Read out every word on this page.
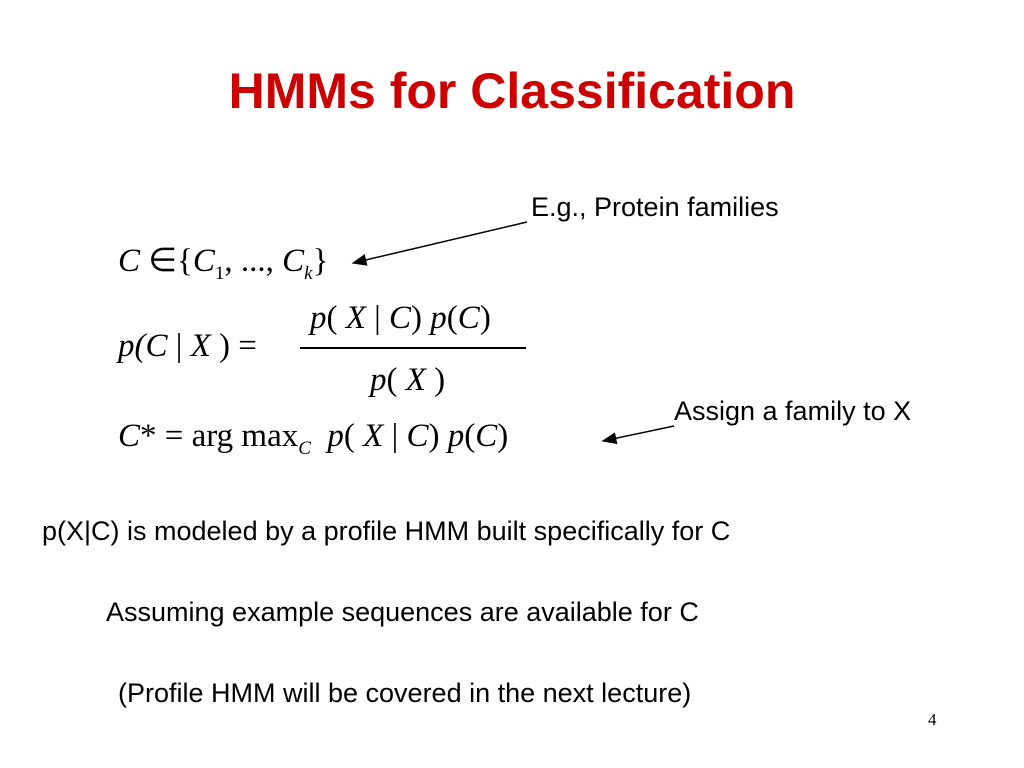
HMMs for Classification
E.g., Protein families
Assign a family to X
C $\in\{C_1$, ..., $C_k$}
p(C | X ) =
p( X | C) p(C)
p( X )
C* = arg $\max_C p$( X | C) p(C)
p(X|C) is modeled by a profile HMM built specifically for C
Assuming example sequences are available for C
(Profile HMM will be covered in the next lecture)
4
